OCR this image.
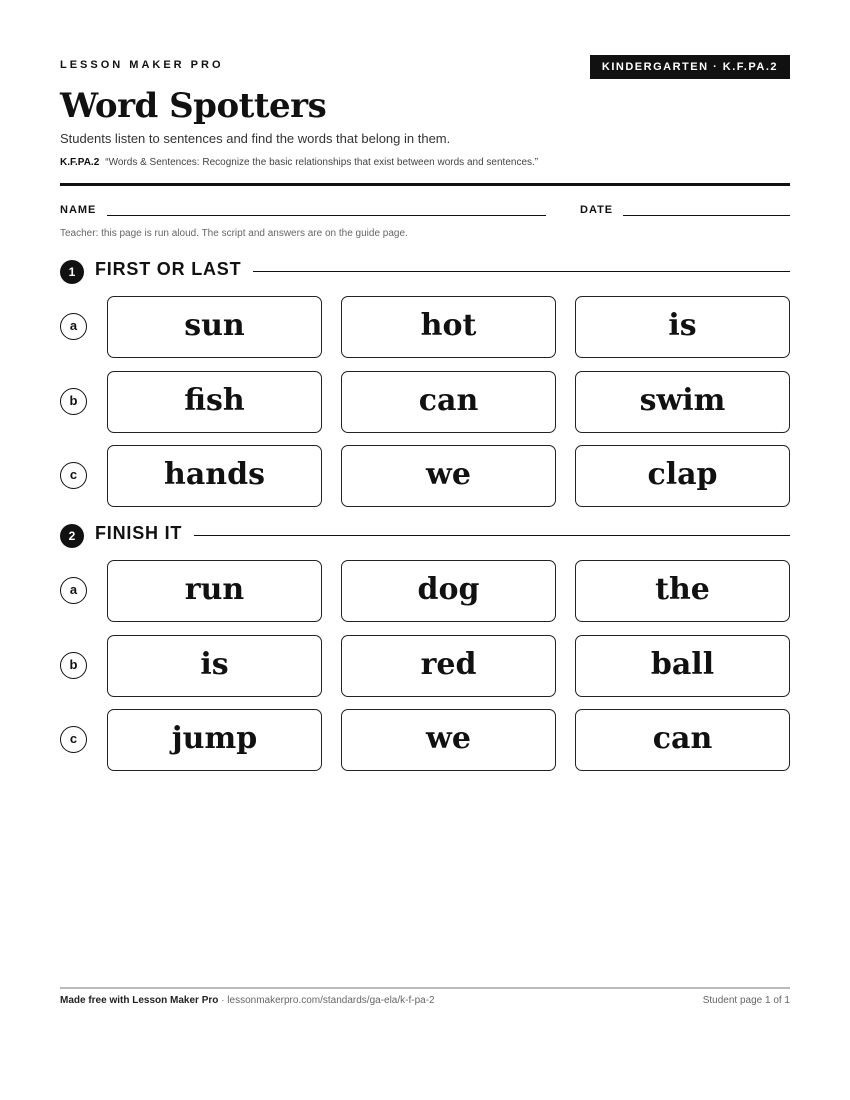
LESSON MAKER PRO	KINDERGARTEN · K.F.PA.2
Word Spotters
Students listen to sentences and find the words that belong in them.
K.F.PA.2 “Words & Sentences: Recognize the basic relationships that exist between words and sentences.”
NAME	DATE
Teacher: this page is run aloud. The script and answers are on the guide page.
1	FIRST OR LAST
a	sun	hot	is
b	fish	can	swim
c	hands	we	clap
2	FINISH IT
a	run	dog	the
b	is	red	ball
c	jump	we	can
Made free with Lesson Maker Pro · lessonmakerpro.com/standards/ga-ela/k-f-pa-2	Student page 1 of 1
